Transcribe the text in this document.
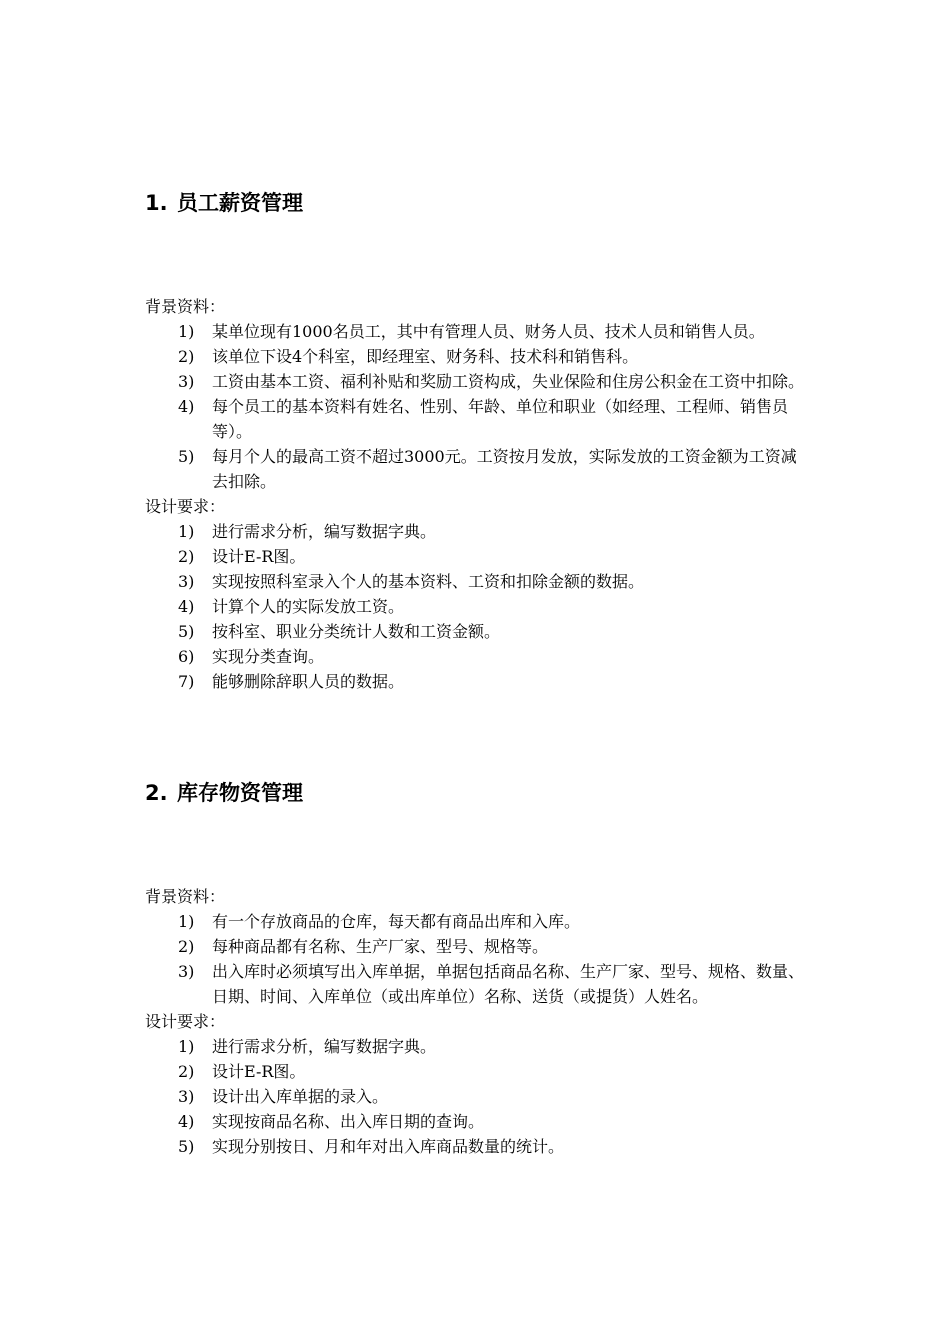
1. 员工薪资管理

背景资料：

1) 某单位现有1000名员工，其中有管理人员、财务人员、技术人员和销售人员。
2) 该单位下设4个科室，即经理室、财务科、技术科和销售科。
3) 工资由基本工资、福利补贴和奖励工资构成，失业保险和住房公积金在工资中扣除。
4) 每个员工的基本资料有姓名、性别、年龄、单位和职业（如经理、工程师、销售员等）。
5) 每月个人的最高工资不超过3000元。工资按月发放，实际发放的工资金额为工资减去扣除。

设计要求：

1) 进行需求分析，编写数据字典。
2) 设计E-R图。
3) 实现按照科室录入个人的基本资料、工资和扣除金额的数据。
4) 计算个人的实际发放工资。
5) 按科室、职业分类统计人数和工资金额。
6) 实现分类查询。
7) 能够删除辞职人员的数据。
2. 库存物资管理

背景资料：

1) 有一个存放商品的仓库，每天都有商品出库和入库。
2) 每种商品都有名称、生产厂家、型号、规格等。
3) 出入库时必须填写出入库单据，单据包括商品名称、生产厂家、型号、规格、数量、日期、时间、入库单位（或出库单位）名称、送货（或提货）人姓名。

设计要求：

1) 进行需求分析，编写数据字典。
2) 设计E-R图。
3) 设计出入库单据的录入。
4) 实现按商品名称、出入库日期的查询。
5) 实现分别按日、月和年对出入库商品数量的统计。
